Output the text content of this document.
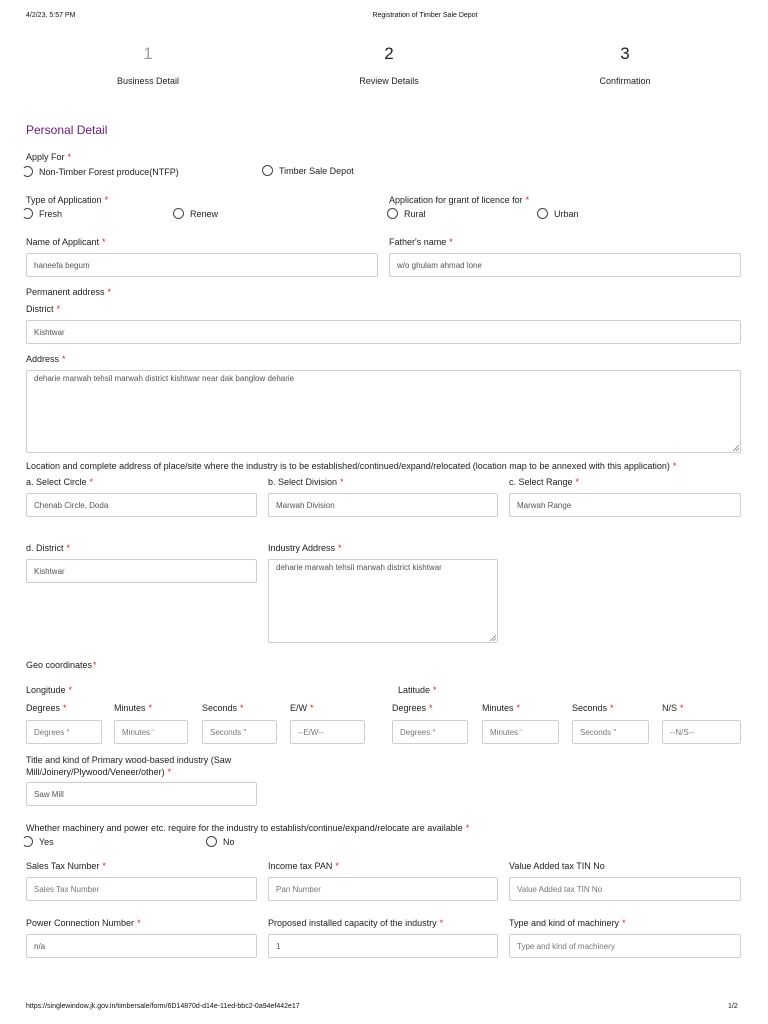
4/2/23, 5:57 PM	Registration of Timber Sale Depot
1	2	3
Business Detail	Review Details	Confirmation
Personal Detail
Apply For *
Non-Timber Forest produce(NTFP)	Timber Sale Depot
Type of Application *	Application for grant of licence for *
Fresh	Renew	Rural	Urban
Name of Applicant *	Father's name *
haneefa begum	w/o ghulam ahmad lone
Permanent address *
District *
Kishtwar
Address *
deharie marwah tehsil marwah district kishtwar near dak banglow deharie
Location and complete address of place/site where the industry is to be established/continued/expand/relocated (location map to be annexed with this application) *
a. Select Circle *	b. Select Division *	c. Select Range *
Chenab Circle, Doda	Marwah Division	Marwah Range
d. District *	Industry Address *
Kishtwar	deharie marwah tehsil marwah district kishtwar
Geo coordinates*
Longitude *	Latitude *
Degrees *	Minutes *	Seconds *	E/W *	Degrees *	Minutes *	Seconds *	N/S *
Degrees °	Minutes '	Seconds "	--E/W--	Degrees °	Minutes '	Seconds "	--N/S--
Title and kind of Primary wood-based industry (Saw Mill/Joinery/Plywood/Veneer/other) *
Saw Mill
Whether machinery and power etc. require for the industry to establish/continue/expand/relocate are available *
Yes	No
Sales Tax Number *	Income tax PAN *	Value Added tax TIN No
Sales Tax Number	Pan Number	Value Added tax TIN No
Power Connection Number *	Proposed installed capacity of the industry *	Type and kind of machinery *
n/a	1	Type and kind of machinery
https://singlewindow.jk.gov.in/timbersale/form/6D14870d-d14e-11ed-bbc2-0a94ef442e17	1/2
